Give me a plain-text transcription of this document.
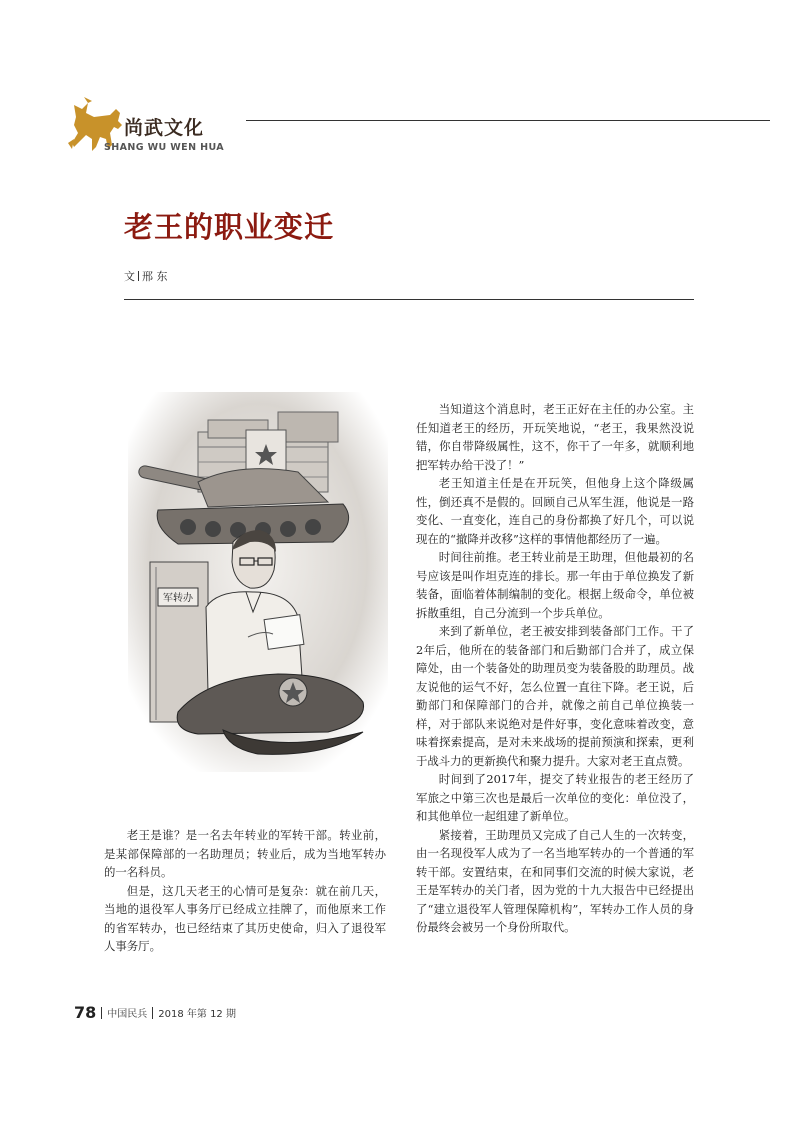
尚武文化
SHANG WU WEN HUA
老王的职业变迁
文 邢 东
军转办

老王是谁？是一名去年转业的军转干部。转业前，是某部保障部的一名助理员；转业后，成为当地军转办的一名科员。

但是，这几天老王的心情可是复杂：就在前几天，当地的退役军人事务厅已经成立挂牌了，而他原来工作的省军转办，也已经结束了其历史使命，归入了退役军人事务厅。

当知道这个消息时，老王正好在主任的办公室。主任知道老王的经历，开玩笑地说，“老王，我果然没说错，你自带降级属性，这不，你干了一年多，就顺利地把军转办给干没了！”

老王知道主任是在开玩笑，但他身上这个降级属性，倒还真不是假的。回顾自己从军生涯，他说是一路变化、一直变化，连自己的身份都换了好几个，可以说现在的“撤降并改移”这样的事情他都经历了一遍。

时间往前推。老王转业前是王助理，但他最初的名号应该是叫作坦克连的排长。那一年由于单位换发了新装备，面临着体制编制的变化。根据上级命令，单位被拆散重组，自己分流到一个步兵单位。

来到了新单位，老王被安排到装备部门工作。干了2年后，他所在的装备部门和后勤部门合并了，成立保障处，由一个装备处的助理员变为装备股的助理员。战友说他的运气不好，怎么位置一直往下降。老王说，后勤部门和保障部门的合并，就像之前自己单位换装一样，对于部队来说绝对是件好事，变化意味着改变，意味着探索提高，是对未来战场的提前预演和探索，更利于战斗力的更新换代和聚力提升。大家对老王直点赞。

时间到了2017年，提交了转业报告的老王经历了军旅之中第三次也是最后一次单位的变化：单位没了，和其他单位一起组建了新单位。

紧接着，王助理员又完成了自己人生的一次转变，由一名现役军人成为了一名当地军转办的一个普通的军转干部。安置结束，在和同事们交流的时候大家说，老王是军转办的关门者，因为党的十九大报告中已经提出了“建立退役军人管理保障机构”，军转办工作人员的身份最终会被另一个身份所取代。

78 中国民兵 2018 年第 12 期
